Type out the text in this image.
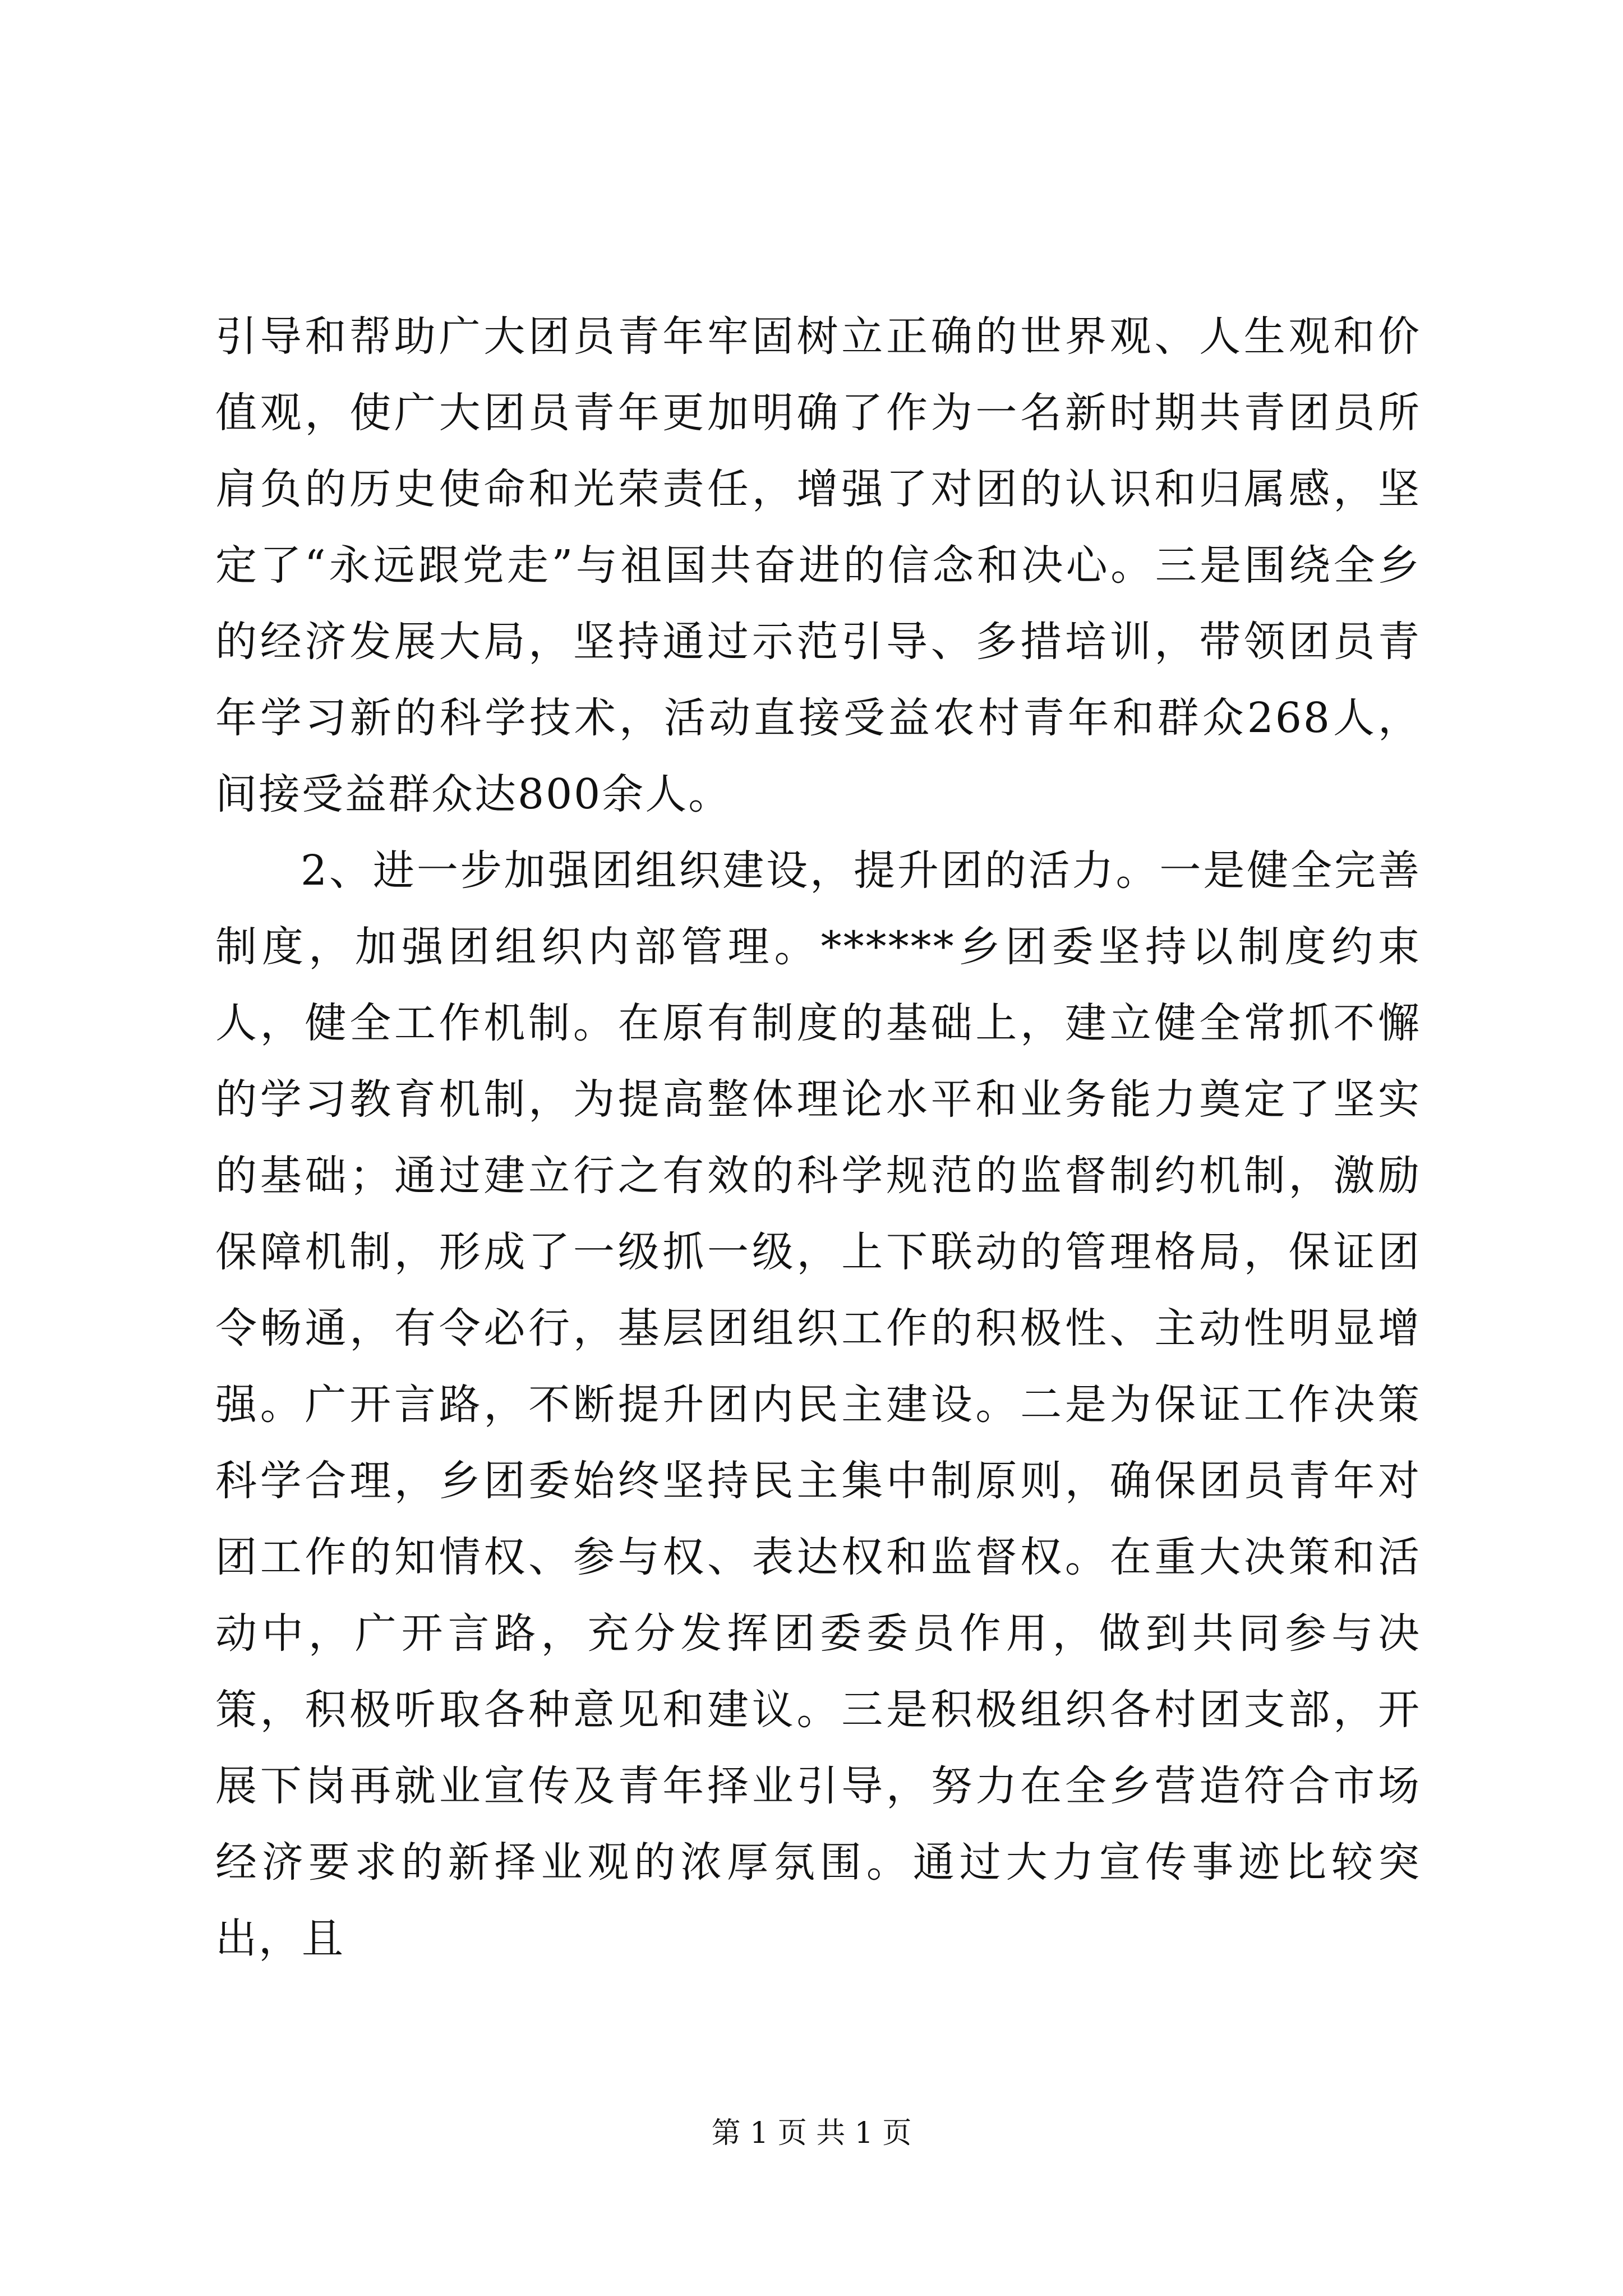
引导和帮助广大团员青年牢固树立正确的世界观、人生观和价值观，使广大团员青年更加明确了作为一名新时期共青团员所肩负的历史使命和光荣责任，增强了对团的认识和归属感，坚定了“永远跟党走”与祖国共奋进的信念和决心。三是围绕全乡的经济发展大局，坚持通过示范引导、多措培训，带领团员青年学习新的科学技术，活动直接受益农村青年和群众268人，间接受益群众达800余人。

2、进一步加强团组织建设，提升团的活力。一是健全完善制度，加强团组织内部管理。******乡团委坚持以制度约束人，健全工作机制。在原有制度的基础上，建立健全常抓不懈的学习教育机制，为提高整体理论水平和业务能力奠定了坚实的基础；通过建立行之有效的科学规范的监督制约机制，激励保障机制，形成了一级抓一级，上下联动的管理格局，保证团令畅通，有令必行，基层团组织工作的积极性、主动性明显增强。广开言路，不断提升团内民主建设。二是为保证工作决策科学合理，乡团委始终坚持民主集中制原则，确保团员青年对团工作的知情权、参与权、表达权和监督权。在重大决策和活动中，广开言路，充分发挥团委委员作用，做到共同参与决策，积极听取各种意见和建议。三是积极组织各村团支部，开展下岗再就业宣传及青年择业引导，努力在全乡营造符合市场经济要求的新择业观的浓厚氛围。通过大力宣传事迹比较突出，且

第 1 页 共 1 页
